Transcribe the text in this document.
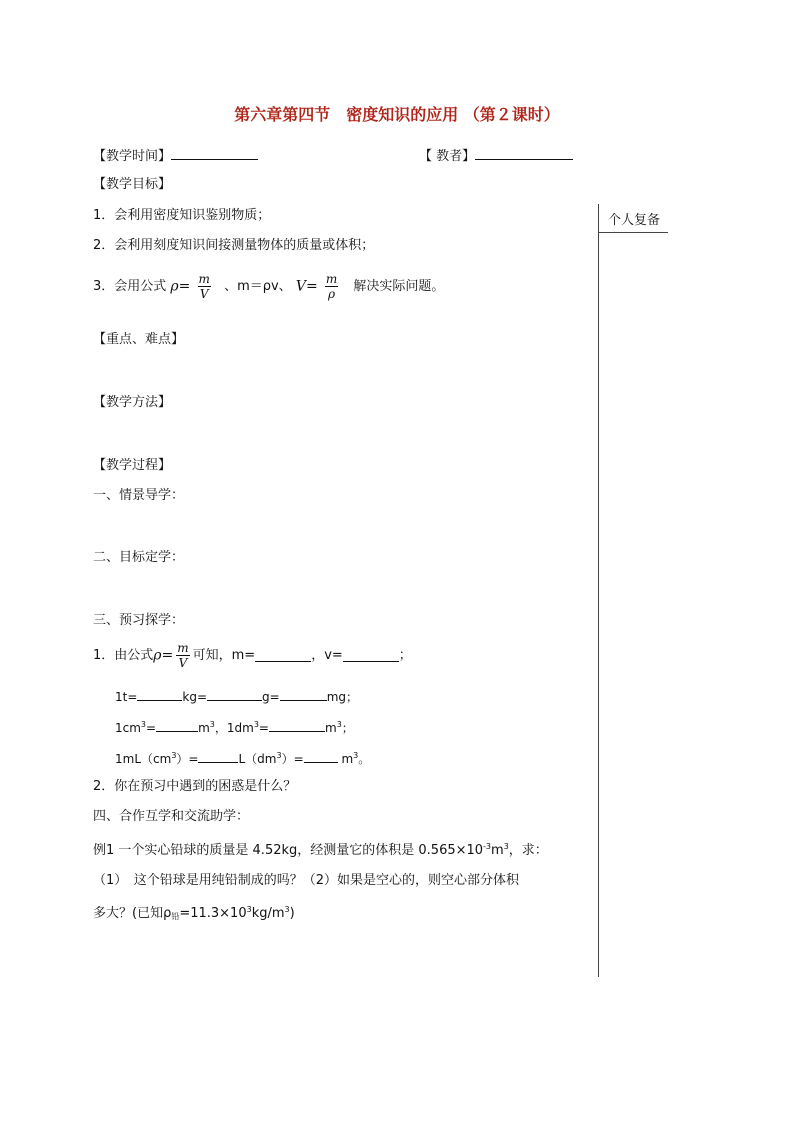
第六章第四节　密度知识的应用 （第２课时）
【教学时间】	【 教者】
【教学目标】
1．会利用密度知识鉴别物质；
2．会利用刻度知识间接测量物体的质量或体积；
3．会用公式 $\rho= \frac{m}{V}$ 、m＝ρv、 $V= \frac{m}{\rho}$ 解决实际问题。
【重点、难点】
【教学方法】
【教学过程】
一、情景导学：
二、目标定学：
三、预习探学：
1．由公式$\rho= \frac{m}{V}$ 可知，m=	，v=	；
1t=	kg=	g=	mg；
$1cm^3=$	$m^3$，$1dm^3=$	$m^3$；
$1mL(cm^3)=$	$L(dm^3)=$	$m^3$。
2．你在预习中遇到的困惑是什么？
四、合作互学和交流助学：
例1 一个实心铅球的质量是 4.52kg，经测量它的体积是 $0.565\times 10^{-3}m^3$，求：
（1）　这个铅球是用纯铅制成的吗？（2）如果是空心的，则空心部分体积
多大？(已知$\rho_铅=11.3\times 10^3kg/m^3$)
个人复备
